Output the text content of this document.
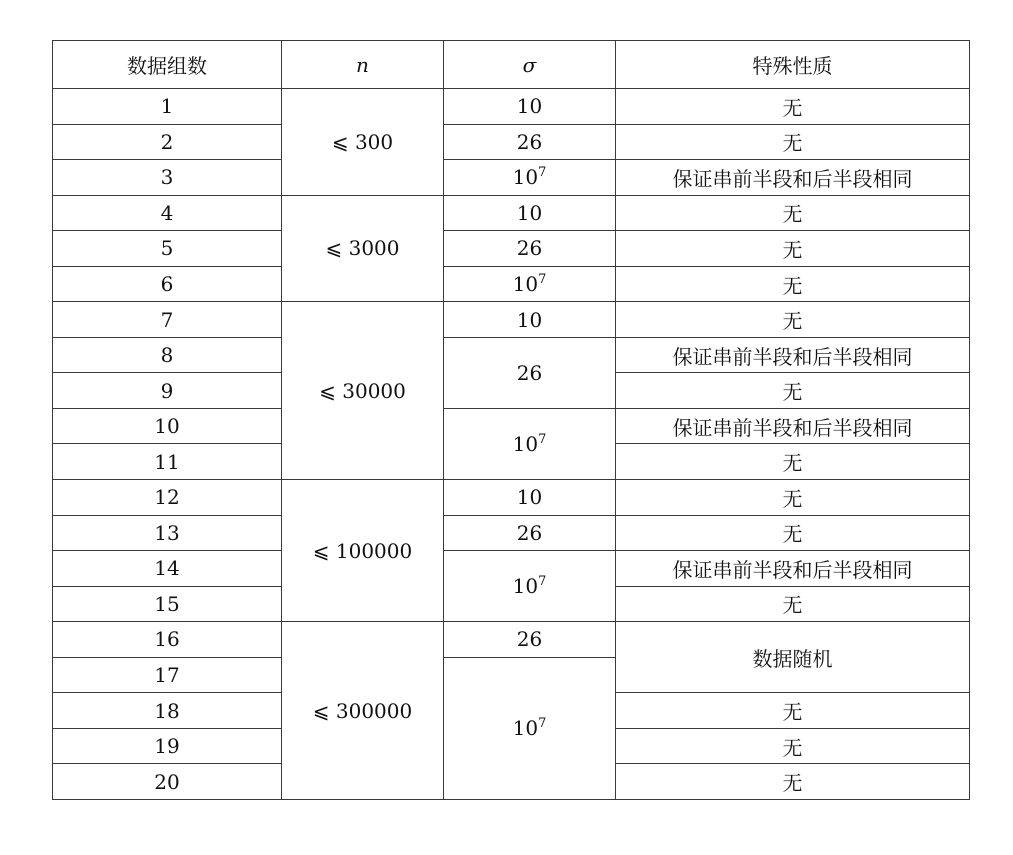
数据组数	n	σ	特殊性质
1	⩽ 300	10	无
2		26	无
3		$10^7$	保证串前半段和后半段相同
4	⩽ 3000	10	无
5		26	无
6		$10^7$	无
7	⩽ 30000	10	无
8		26	保证串前半段和后半段相同
9			无
10		$10^7$	保证串前半段和后半段相同
11			无
12	⩽ 100000	10	无
13		26	无
14		$10^7$	保证串前半段和后半段相同
15			无
16	⩽ 300000	26	数据随机
17		$10^7$
18			无
19			无
20			无
